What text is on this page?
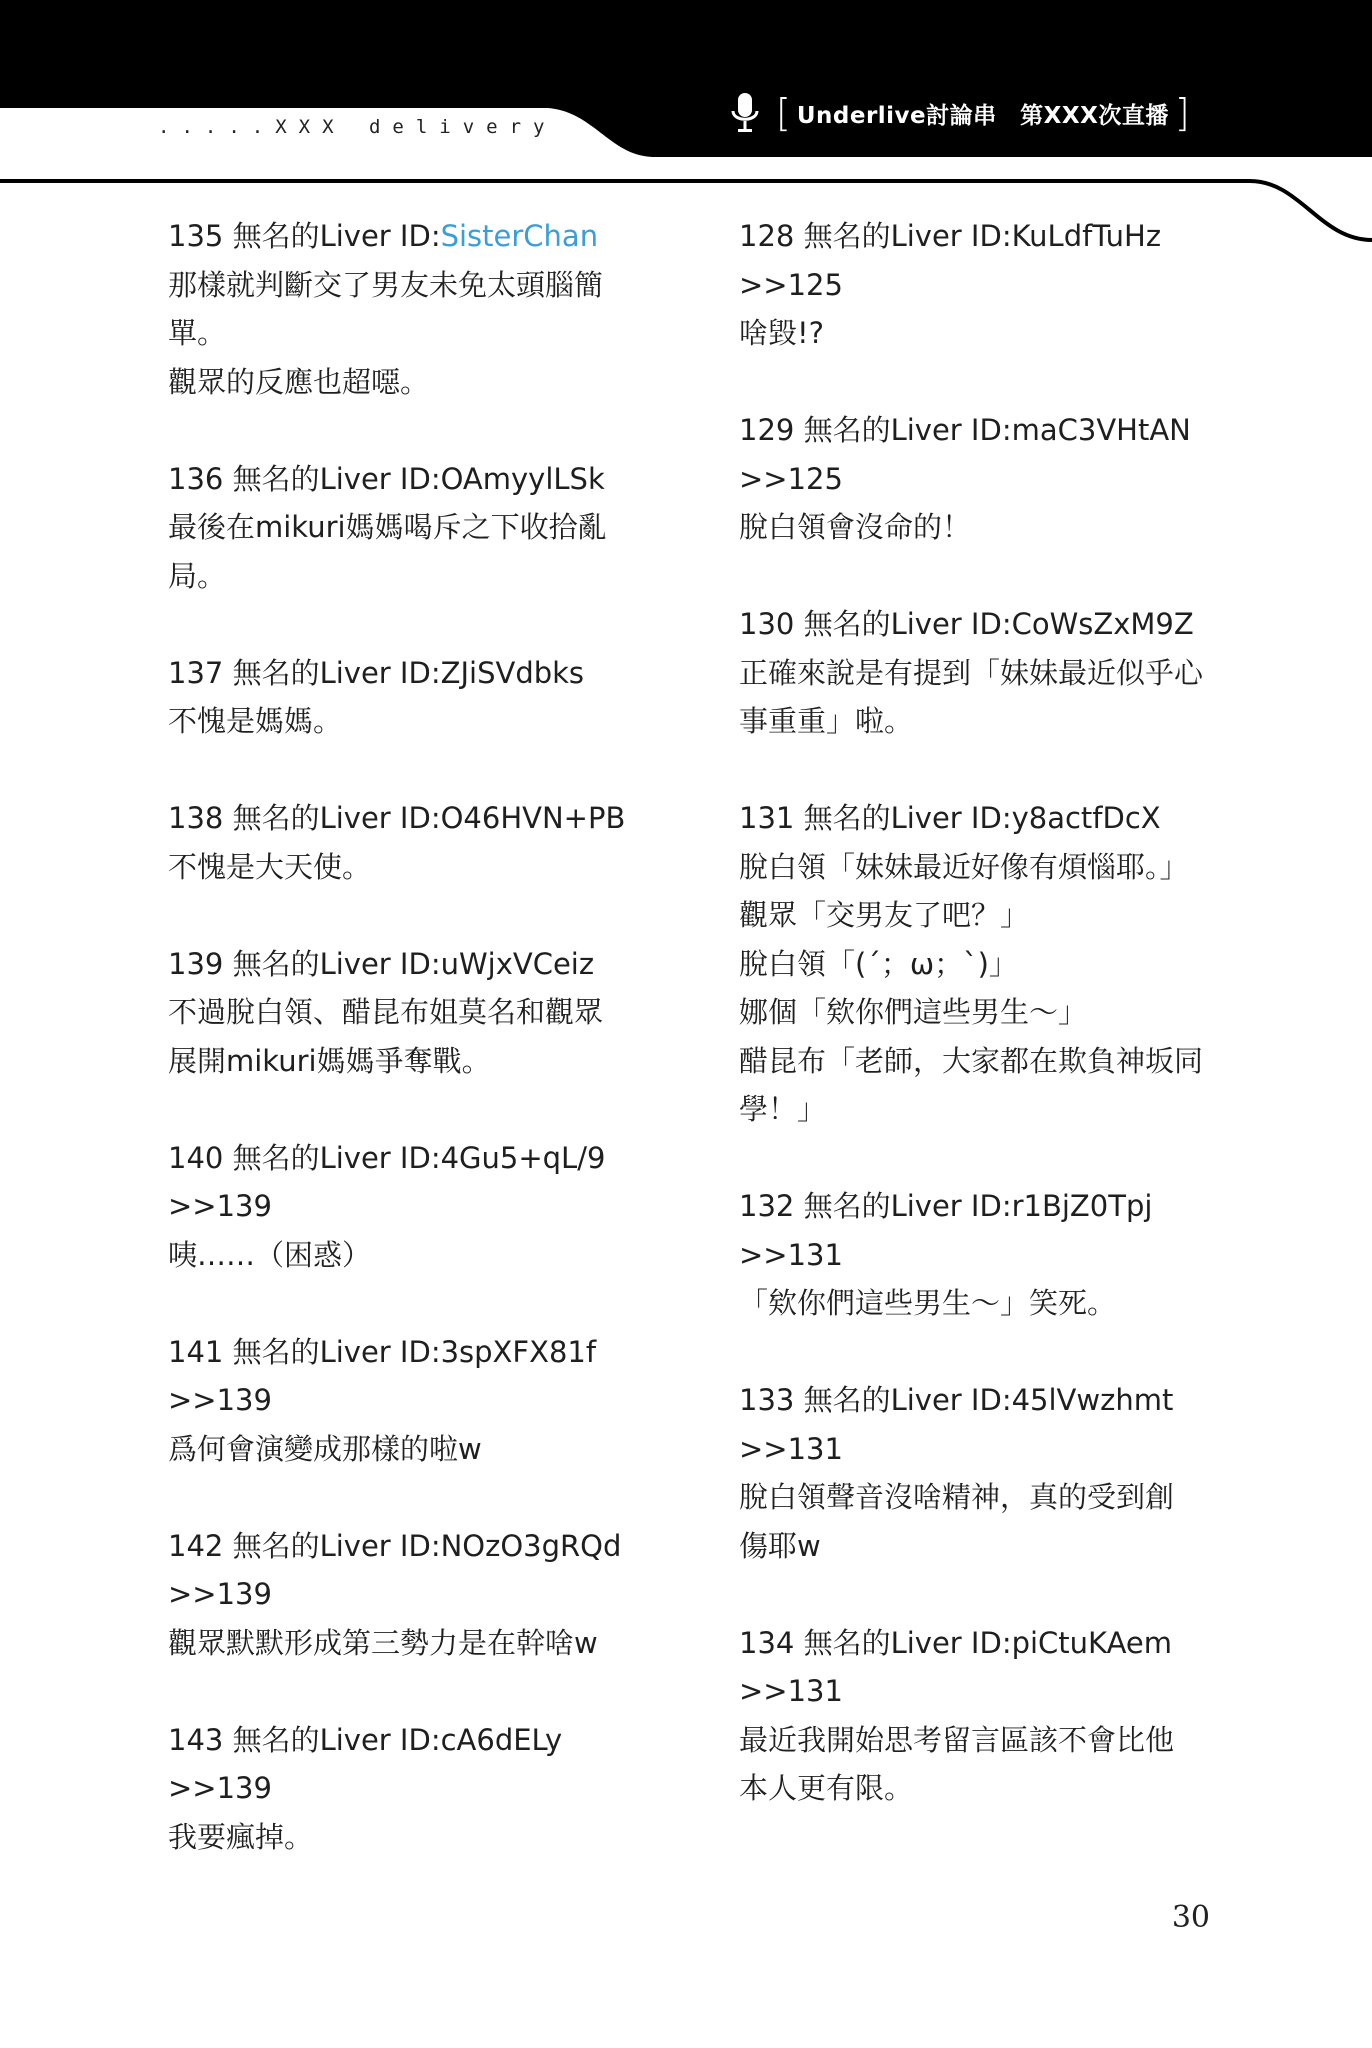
.....XXX delivery	[ Underlive討論串　第XXX次直播 ]
135 無名的Liver ID:SisterChan
那樣就判斷交了男友未免太頭腦簡
單。
觀眾的反應也超噁。
136 無名的Liver ID:OAmyylLSk
最後在mikuri媽媽喝斥之下收拾亂
局。
137 無名的Liver ID:ZJiSVdbks
不愧是媽媽。
138 無名的Liver ID:O46HVN+PB
不愧是大天使。
139 無名的Liver ID:uWjxVCeiz
不過脫白領、醋昆布姐莫名和觀眾
展開mikuri媽媽爭奪戰。
140 無名的Liver ID:4Gu5+qL/9
>>139
咦……（困惑）
141 無名的Liver ID:3spXFX81f
>>139
爲何會演變成那樣的啦w
142 無名的Liver ID:NOzO3gRQd
>>139
觀眾默默形成第三勢力是在幹啥w
143 無名的Liver ID:cA6dELy
>>139
我要瘋掉。
128 無名的Liver ID:KuLdfTuHz
>>125
啥毀!?
129 無名的Liver ID:maC3VHtAN
>>125
脫白領會沒命的！
130 無名的Liver ID:CoWsZxM9Z
正確來說是有提到「妹妹最近似乎心
事重重」啦。
131 無名的Liver ID:y8actfDcX
脫白領「妹妹最近好像有煩惱耶。」
觀眾「交男友了吧？」
脫白領「(´；ω；`)」
娜個「欸你們這些男生～」
醋昆布「老師，大家都在欺負神坂同
學！」
132 無名的Liver ID:r1BjZ0Tpj
>>131
「欸你們這些男生～」笑死。
133 無名的Liver ID:45lVwzhmt
>>131
脫白領聲音沒啥精神，真的受到創
傷耶w
134 無名的Liver ID:piCtuKAem
>>131
最近我開始思考留言區該不會比他
本人更有限。
30
